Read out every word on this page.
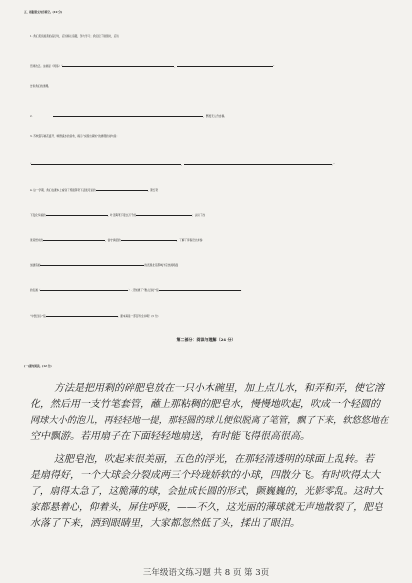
五、根据课文内容填空。(10 分)
1. 我们见到美善的品行时，应该倾心追随，努力学习；我们犯了错误时，应该
迅速改正。这就是《周易》“	，	”
告诉我们的道理。
2.	，野渡无人舟自横。
3. 苏轼借写桃花盛开、鸭群溪水的景象，揭示“实践出真知”的道理的诗句是：
“	，	。”
4. 这一学期，我们在课本上看到了郑振铎笔下活泼可爱的	，萧红笔
下变化多端的	，叶圣陶笔下姿态万千的	；认识了改
进造纸术的	，信守承诺的	，了解了李春设计并参
加建造的	的表现北宋都城汴京热闹场面
的名画（	）. 还知道了“雅人四好”指	.
“中医四诊”指	。课本真是一部百科全书啊！(5 分)
第二部分：阅读与理解（24 分）
(一)课内阅读。(12 分)
方法是把用剩的碎肥皂放在一只小木碗里，加上点儿水，和弄和弄，使它溶
化，然后用一支竹笔套管，蘸上那粘稠的肥皂水，慢慢地吹起，吹成一个轻圆的
网球大小的泡儿，再轻轻地一提，那轻圆的球儿便似脱离了笔管，飘了下来，软悠悠地在
空中飘游。若用扇子在下面轻轻地扇送，有时能飞得很高很高。
这肥皂泡，吹起来很美丽，五色的浮光，在那轻清透明的球面上乱转。若
是扇得好，一个大球会分裂成两三个玲珑娇软的小球，四散分飞。有时吹得太大
了，扇得太急了，这脆薄的球，会扯成长圆的形式，颤巍巍的，光影零乱。这时大
家都悬着心，仰着头，屏住呼吸，——不久，这光丽的薄球就无声地散裂了，肥皂
水落了下来，洒到眼睛里，大家都忽然低了头，揉出了眼泪。
三年级语文练习题 共 8 页 第 3页
